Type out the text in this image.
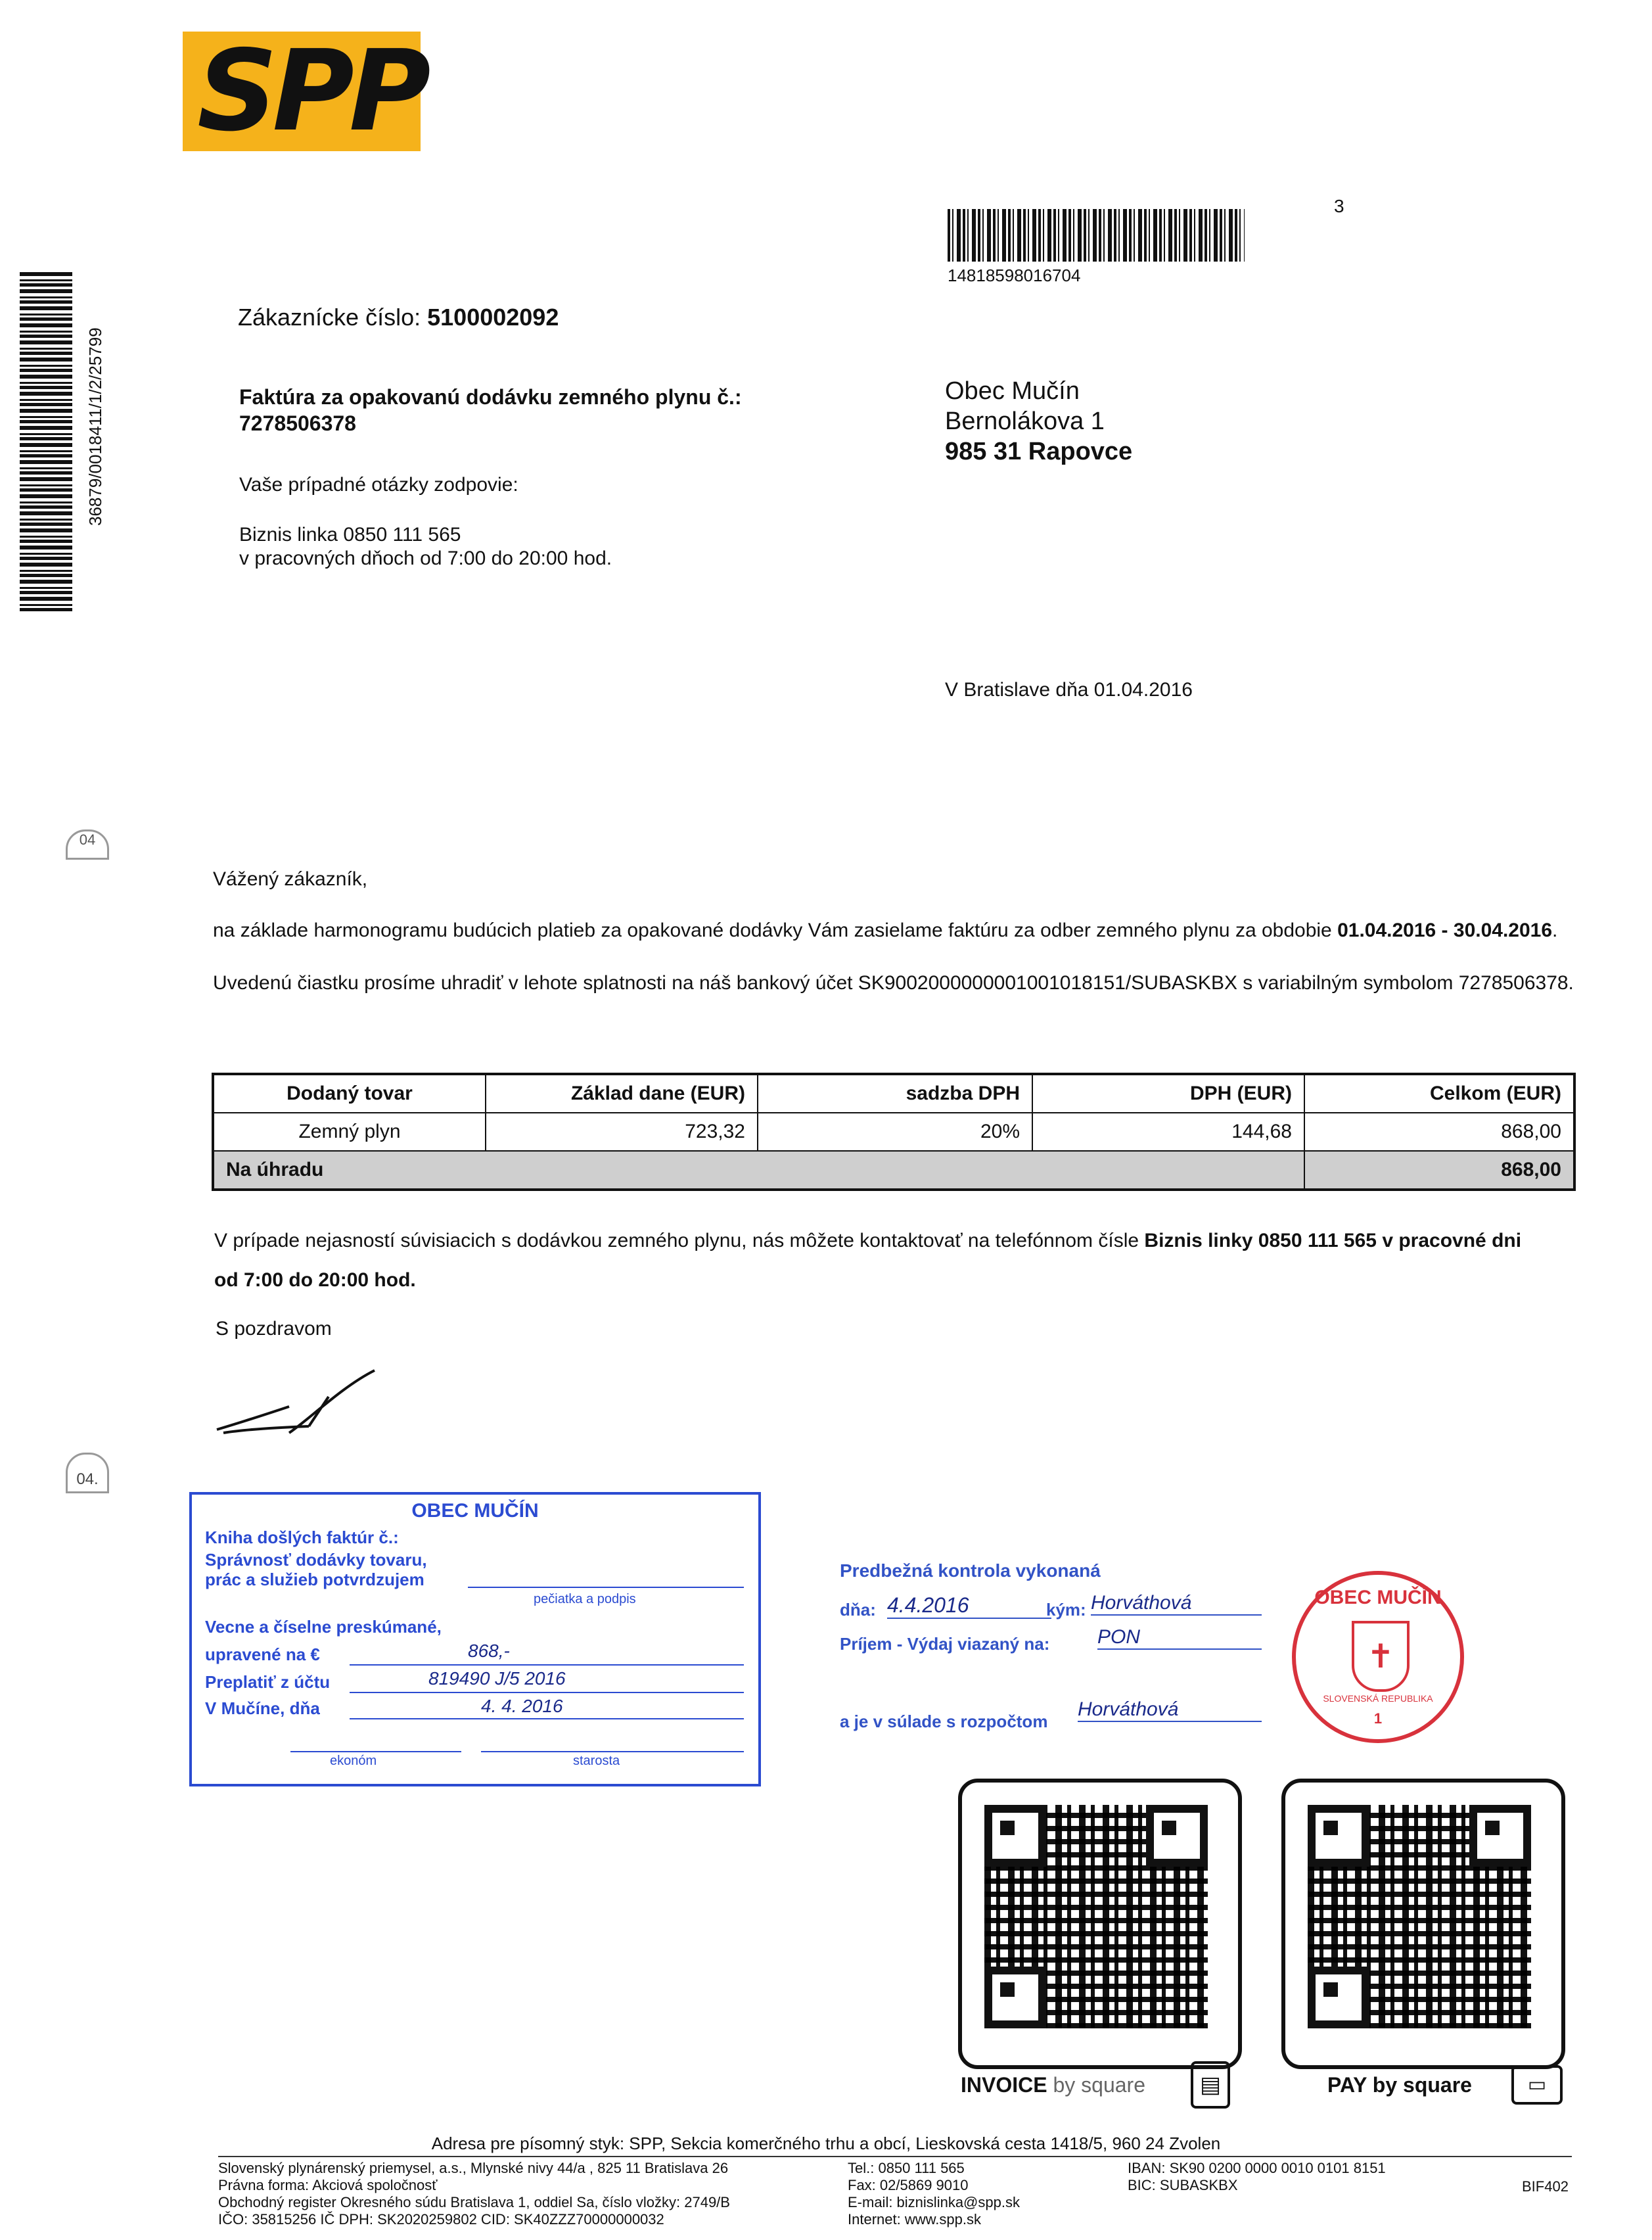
SPP
3
14818598016704
36879/0018411/1/2/25799
Zákaznícke číslo: 5100002092
Faktúra za opakovanú dodávku zemného plynu č.:
7278506378
Vaše prípadné otázky zodpovie:
Biznis linka 0850 111 565
v pracovných dňoch od 7:00 do 20:00 hod.
Obec Mučín
Bernolákova 1
985 31 Rapovce
V Bratislave dňa 01.04.2016
04
04.
Vážený zákazník,
na základe harmonogramu budúcich platieb za opakované dodávky Vám zasielame faktúru za odber zemného plynu za obdobie 01.04.2016 - 30.04.2016.
Uvedenú čiastku prosíme uhradiť v lehote splatnosti na náš bankový účet SK9002000000001001018151/SUBASKBX s variabilným symbolom 7278506378.
Dodaný tovar	Základ dane (EUR)	sadzba DPH	DPH (EUR)	Celkom (EUR)
Zemný plyn	723,32	20%	144,68	868,00
Na úhradu				868,00
V prípade nejasností súvisiacich s dodávkou zemného plynu, nás môžete kontaktovať na telefónnom čísle Biznis linky 0850 111 565 v pracovné dni od 7:00 do 20:00 hod.
S pozdravom
OBEC MUČÍN
Kniha došlých faktúr č.:
Správnosť dodávky tovaru,
prác a služieb potvrdzujem
pečiatka a podpis
Vecne a číselne preskúmané,
upravené na €	868,-
Preplatiť z účtu	819490 J/5 2016
V Mučíne, dňa	4. 4. 2016
ekonóm	starosta
Predbežná kontrola vykonaná
dňa: 4.4.2016	kým: Horváthová
Príjem - Výdaj viazaný na: PON
a je v súlade s rozpočtom
Horváthová
OBEC MUČÍN
✝
SLOVENSKÁ REPUBLIKA
1
INVOICE by square	▤	PAY by square	▭
Adresa pre písomný styk: SPP, Sekcia komerčného trhu a obcí, Lieskovská cesta 1418/5, 960 24 Zvolen
Slovenský plynárenský priemysel, a.s., Mlynské nivy 44/a , 825 11 Bratislava 26
Právna forma: Akciová spoločnosť
Obchodný register Okresného súdu Bratislava 1, oddiel Sa, číslo vložky: 2749/B
IČO: 35815256 IČ DPH: SK2020259802 CID: SK40ZZZ70000000032
Tel.: 0850 111 565
Fax: 02/5869 9010
E-mail: biznislinka@spp.sk
Internet: www.spp.sk
IBAN: SK90 0200 0000 0010 0101 8151
BIC: SUBASKBX	BIF402
